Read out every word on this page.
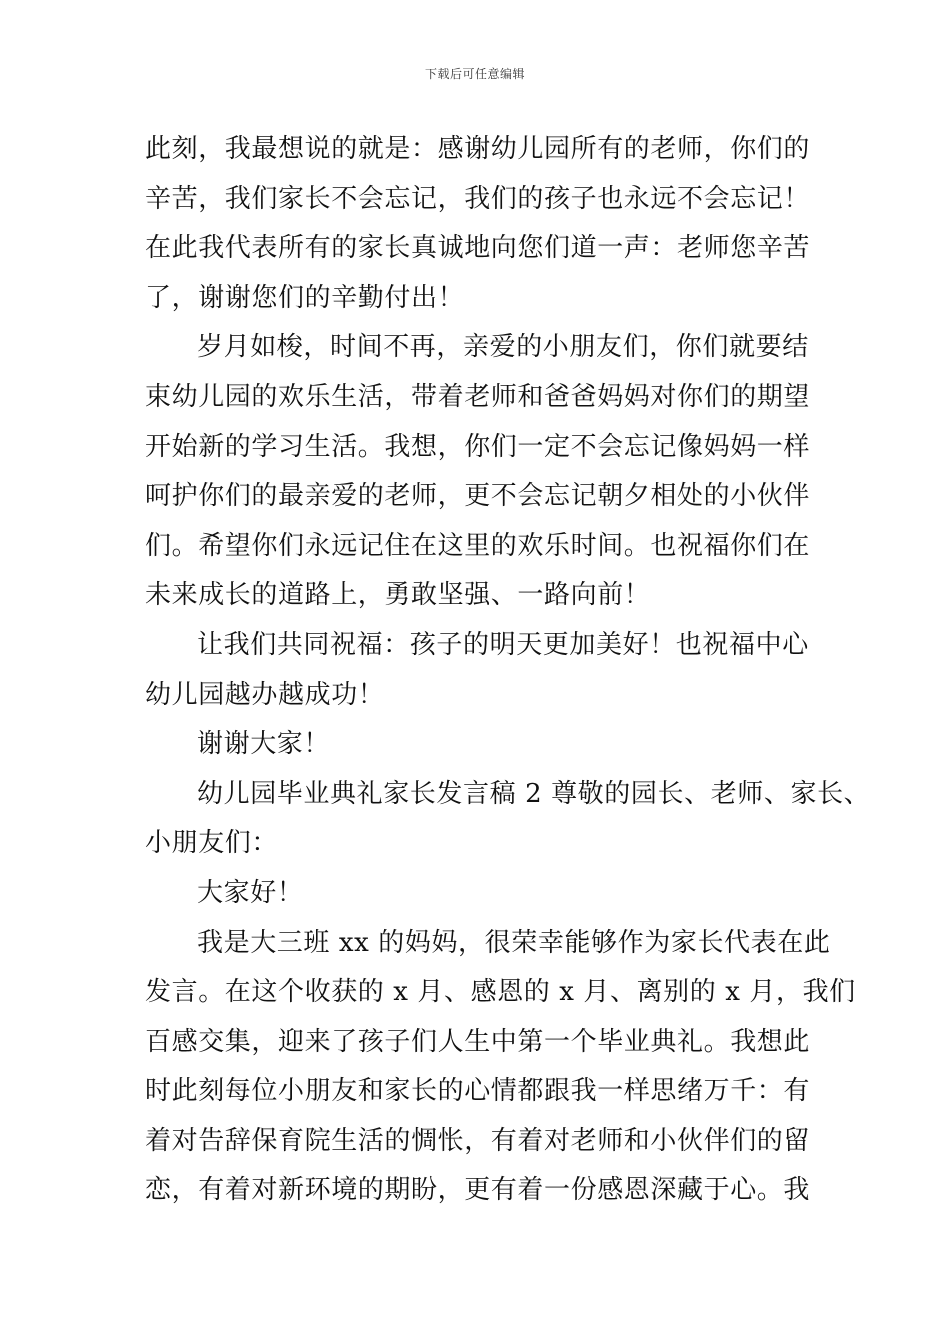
下载后可任意编辑
此刻，我最想说的就是：感谢幼儿园所有的老师，你们的
辛苦，我们家长不会忘记，我们的孩子也永远不会忘记！
在此我代表所有的家长真诚地向您们道一声：老师您辛苦
了，谢谢您们的辛勤付出！
岁月如梭，时间不再，亲爱的小朋友们，你们就要结
束幼儿园的欢乐生活，带着老师和爸爸妈妈对你们的期望
开始新的学习生活。我想，你们一定不会忘记像妈妈一样
呵护你们的最亲爱的老师，更不会忘记朝夕相处的小伙伴
们。希望你们永远记住在这里的欢乐时间。也祝福你们在
未来成长的道路上，勇敢坚强、一路向前！
让我们共同祝福：孩子的明天更加美好！也祝福中心
幼儿园越办越成功！
谢谢大家！
幼儿园毕业典礼家长发言稿 2 尊敬的园长、老师、家长、
小朋友们：
大家好！
我是大三班 xx 的妈妈，很荣幸能够作为家长代表在此
发言。在这个收获的 x 月、感恩的 x 月、离别的 x 月，我们
百感交集，迎来了孩子们人生中第一个毕业典礼。我想此
时此刻每位小朋友和家长的心情都跟我一样思绪万千：有
着对告辞保育院生活的惆怅，有着对老师和小伙伴们的留
恋，有着对新环境的期盼，更有着一份感恩深藏于心。我
